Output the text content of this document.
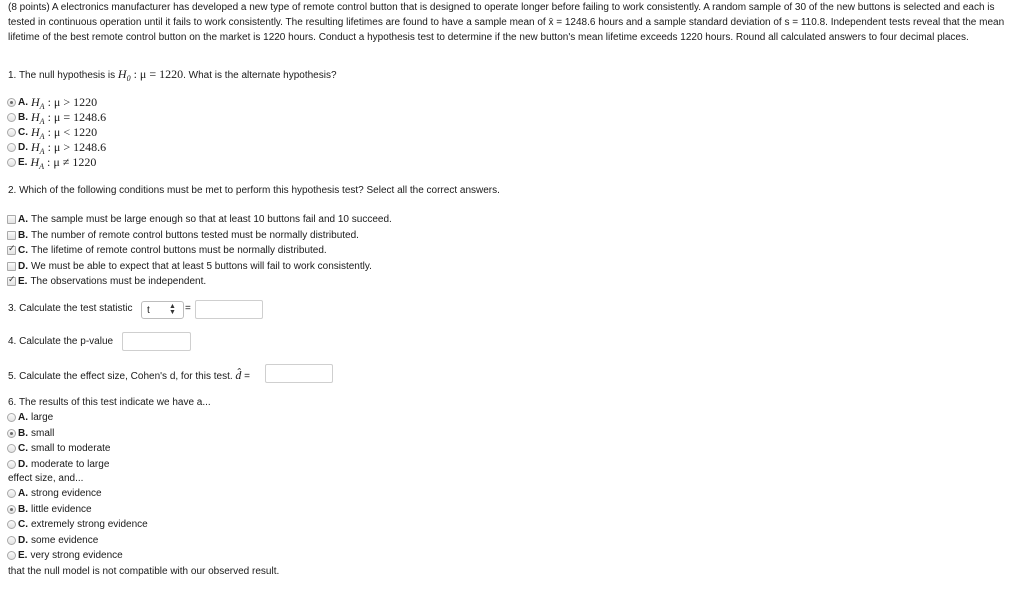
(8 points) A electronics manufacturer has developed a new type of remote control button that is designed to operate longer before failing to work consistently. A random sample of 30 of the new buttons is selected and each is tested in continuous operation until it fails to work consistently. The resulting lifetimes are found to have a sample mean of x̄ = 1248.6 hours and a sample standard deviation of s = 110.8. Independent tests reveal that the mean lifetime of the best remote control button on the market is 1220 hours. Conduct a hypothesis test to determine if the new button's mean lifetime exceeds 1220 hours. Round all calculated answers to four decimal places.
1. The null hypothesis is $H_0$ : μ = 1220. What is the alternate hypothesis?
A. $H_A$ : μ > 1220
B. $H_A$ : μ = 1248.6
C. $H_A$ : μ < 1220
D. $H_A$ : μ > 1248.6
E. $H_A$ : μ ≠ 1220
2. Which of the following conditions must be met to perform this hypothesis test? Select all the correct answers.
A. The sample must be large enough so that at least 10 buttons fail and 10 succeed.
B. The number of remote control buttons tested must be normally distributed.
✓
C. The lifetime of remote control buttons must be normally distributed.
D. We must be able to expect that at least 5 buttons will fail to work consistently.
✓
E. The observations must be independent.
3. Calculate the test statistic	t	▲
▼ =
4. Calculate the p-value
5. Calculate the effect size, Cohen's d, for this test. d̂ =
6. The results of this test indicate we have a...
A. large
B. small
C. small to moderate
D. moderate to large
effect size, and...
A. strong evidence
B. little evidence
C. extremely strong evidence
D. some evidence
E. very strong evidence
that the null model is not compatible with our observed result.
